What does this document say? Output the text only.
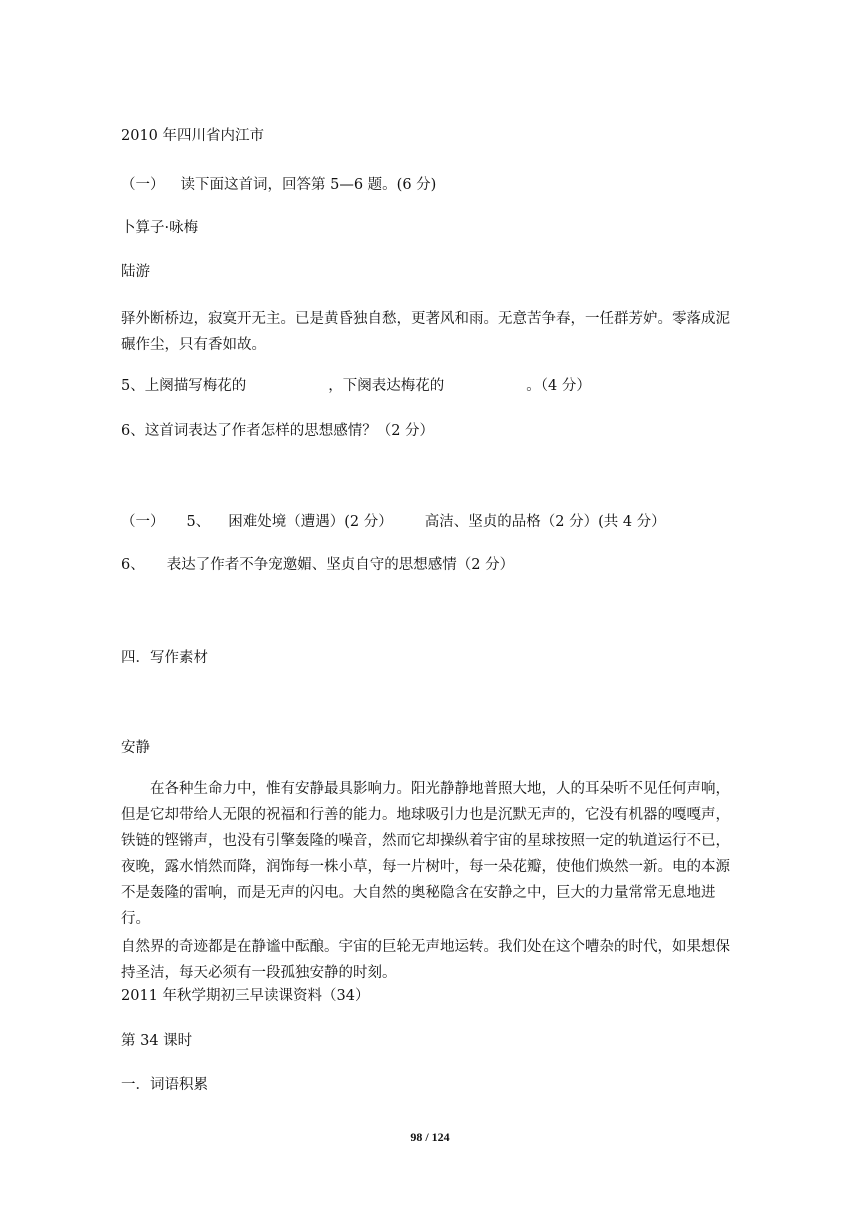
2010 年四川省内江市
（一） 读下面这首词，回答第 5—6 题。(6 分)
卜算子·咏梅
陆游
驿外断桥边，寂寞开无主。已是黄昏独自愁，更著风和雨。无意苦争春，一任群芳妒。零落成泥碾作尘，只有香如故。
5、上阕描写梅花的	，下阕表达梅花的	。（4 分）
6、这首词表达了作者怎样的思想感情？（2 分）
（一） 5、 困难处境（遭遇）(2 分） 高洁、坚贞的品格（2 分）(共 4 分）
6、 表达了作者不争宠邀媚、坚贞自守的思想感情（2 分）
四．写作素材
安静
在各种生命力中，惟有安静最具影响力。阳光静静地普照大地，人的耳朵听不见任何声响，但是它却带给人无限的祝福和行善的能力。地球吸引力也是沉默无声的，它没有机器的嘎嘎声，铁链的铿锵声，也没有引擎轰隆的噪音，然而它却操纵着宇宙的星球按照一定的轨道运行不已，夜晚，露水悄然而降，润饰每一株小草，每一片树叶，每一朵花瓣，使他们焕然一新。电的本源不是轰隆的雷响，而是无声的闪电。大自然的奥秘隐含在安静之中，巨大的力量常常无息地进行。
自然界的奇迹都是在静谧中酝酿。宇宙的巨轮无声地运转。我们处在这个嘈杂的时代，如果想保持圣洁，每天必须有一段孤独安静的时刻。
2011 年秋学期初三早读课资料（34）
第 34 课时
一．词语积累
98 / 124
